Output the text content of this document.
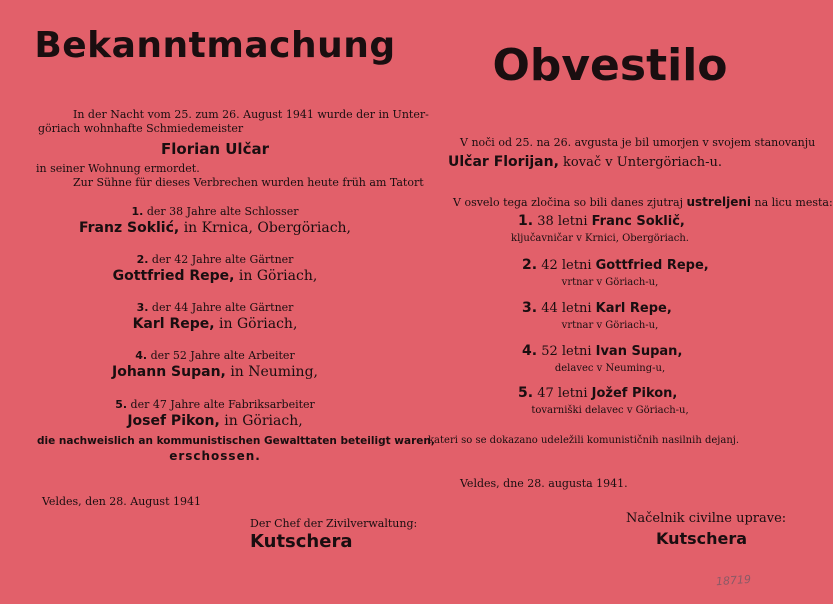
Bekanntmachung
In der Nacht vom 25. zum 26. August 1941 wurde der in Unter-
göriach wohnhafte Schmiedemeister
Florian Ulčar
in seiner Wohnung ermordet.
Zur Sühne für dieses Verbrechen wurden heute früh am Tatort
1. der 38 Jahre alte Schlosser
Franz Soklić, in Krnica, Obergöriach,
2. der 42 Jahre alte Gärtner
Gottfried Repe, in Göriach,
3. der 44 Jahre alte Gärtner
Karl Repe, in Göriach,
4. der 52 Jahre alte Arbeiter
Johann Supan, in Neuming,
5. der 47 Jahre alte Fabriksarbeiter
Josef Pikon, in Göriach,
die nachweislich an kommunistischen Gewalttaten beteiligt waren,
erschossen.
Veldes, den 28. August 1941
Der Chef der Zivilverwaltung:
Kutschera
Obvestilo
V noči od 25. na 26. avgusta je bil umorjen v svojem stanovanju
Ulčar Florijan, kovač v Untergöriach-u.
V osvelo tega zločina so bili danes zjutraj ustreljeni na licu mesta:
1. 38 letni Franc Soklič,
ključavničar v Krnici, Obergöriach.
2. 42 letni Gottfried Repe,
vrtnar v Göriach-u,
3. 44 letni Karl Repe,
vrtnar v Göriach-u,
4. 52 letni Ivan Supan,
delavec v Neuming-u,
5. 47 letni Jožef Pikon,
tovarniški delavec v Göriach-u,
kateri so se dokazano udeležili komunističnih nasilnih dejanj.
Veldes, dne 28. augusta 1941.
Načelnik civilne uprave:
Kutschera
18719
